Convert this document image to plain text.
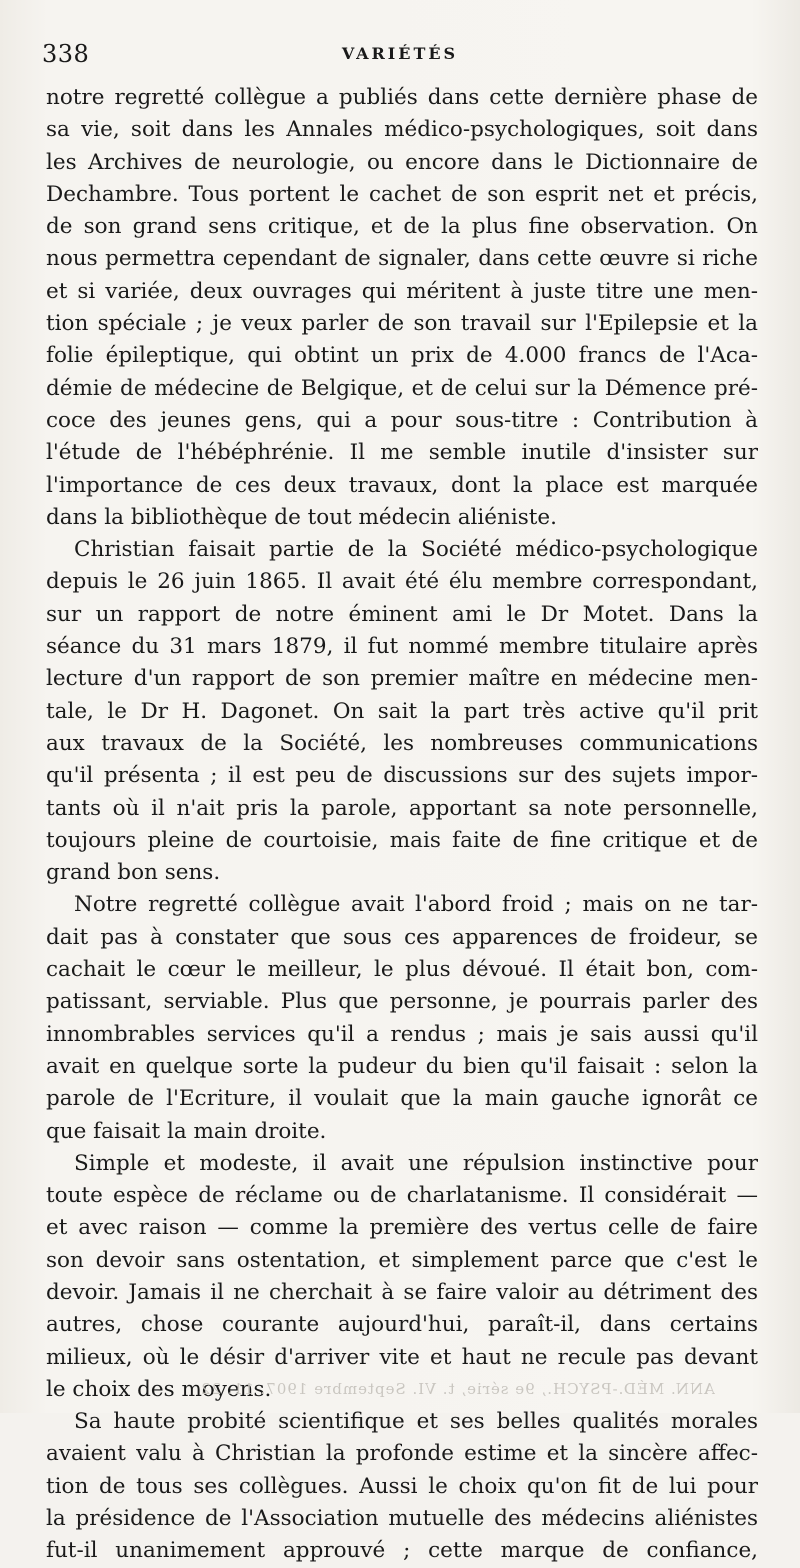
338	VARIÉTÉS
notre regretté collègue a publiés dans cette dernière phase de
sa vie, soit dans les Annales médico-psychologiques, soit dans
les Archives de neurologie, ou encore dans le Dictionnaire de
Dechambre. Tous portent le cachet de son esprit net et précis,
de son grand sens critique, et de la plus fine observation. On
nous permettra cependant de signaler, dans cette œuvre si riche
et si variée, deux ouvrages qui méritent à juste titre une men-
tion spéciale ; je veux parler de son travail sur l'Epilepsie et la
folie épileptique, qui obtint un prix de 4.000 francs de l'Aca-
démie de médecine de Belgique, et de celui sur la Démence pré-
coce des jeunes gens, qui a pour sous-titre : Contribution à
l'étude de l'hébéphrénie. Il me semble inutile d'insister sur
l'importance de ces deux travaux, dont la place est marquée
dans la bibliothèque de tout médecin aliéniste.
Christian faisait partie de la Société médico-psychologique
depuis le 26 juin 1865. Il avait été élu membre correspondant,
sur un rapport de notre éminent ami le Dr Motet. Dans la
séance du 31 mars 1879, il fut nommé membre titulaire après
lecture d'un rapport de son premier maître en médecine men-
tale, le Dr H. Dagonet. On sait la part très active qu'il prit
aux travaux de la Société, les nombreuses communications
qu'il présenta ; il est peu de discussions sur des sujets impor-
tants où il n'ait pris la parole, apportant sa note personnelle,
toujours pleine de courtoisie, mais faite de fine critique et de
grand bon sens.
Notre regretté collègue avait l'abord froid ; mais on ne tar-
dait pas à constater que sous ces apparences de froideur, se
cachait le cœur le meilleur, le plus dévoué. Il était bon, com-
patissant, serviable. Plus que personne, je pourrais parler des
innombrables services qu'il a rendus ; mais je sais aussi qu'il
avait en quelque sorte la pudeur du bien qu'il faisait : selon la
parole de l'Ecriture, il voulait que la main gauche ignorât ce
que faisait la main droite.
Simple et modeste, il avait une répulsion instinctive pour
toute espèce de réclame ou de charlatanisme. Il considérait —
et avec raison — comme la première des vertus celle de faire
son devoir sans ostentation, et simplement parce que c'est le
devoir. Jamais il ne cherchait à se faire valoir au détriment des
autres, chose courante aujourd'hui, paraît-il, dans certains
milieux, où le désir d'arriver vite et haut ne recule pas devant
le choix des moyens.
Sa haute probité scientifique et ses belles qualités morales
avaient valu à Christian la profonde estime et la sincère affec-
tion de tous ses collègues. Aussi le choix qu'on fit de lui pour
la présidence de l'Association mutuelle des médecins aliénistes
fut-il unanimement approuvé ; cette marque de confiance,
ANN. MÉD.-PSYCH., 9e série, t. VI. Septembre 1907. 11. 22
